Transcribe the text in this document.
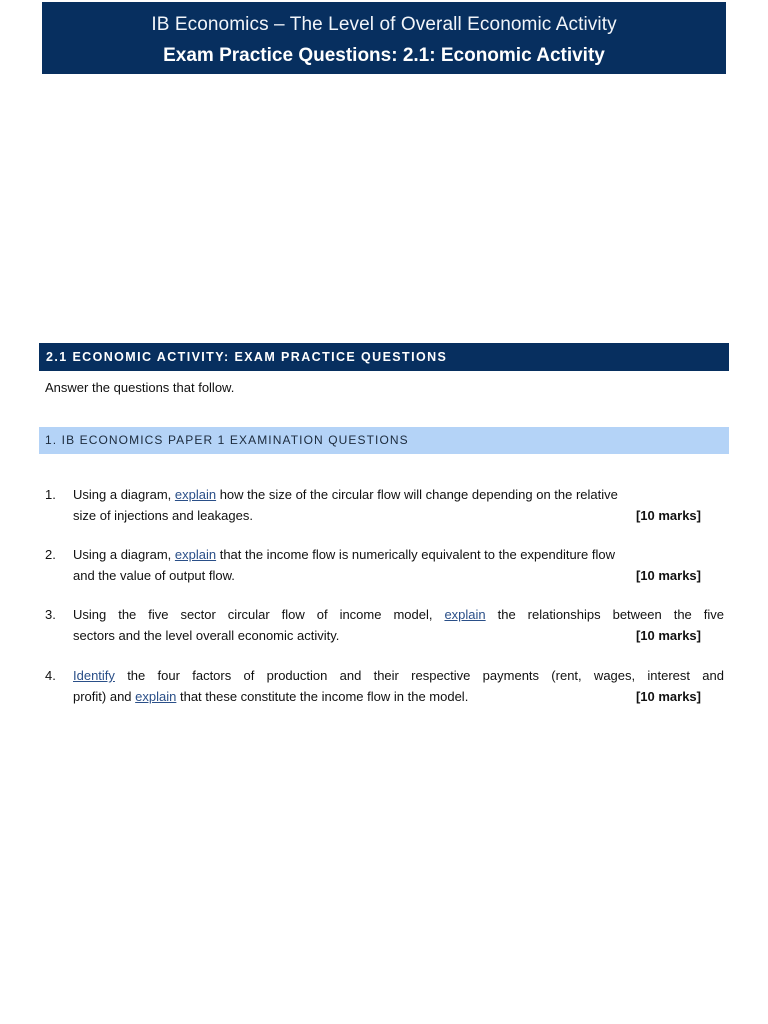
IB Economics – The Level of Overall Economic Activity
Exam Practice Questions: 2.1: Economic Activity
2.1 ECONOMIC ACTIVITY: EXAM PRACTICE QUESTIONS
Answer the questions that follow.
1. IB ECONOMICS PAPER 1 EXAMINATION QUESTIONS
1. Using a diagram, explain how the size of the circular flow will change depending on the relative
size of injections and leakages.	[10 marks]
2. Using a diagram, explain that the income flow is numerically equivalent to the expenditure flow
and the value of output flow.	[10 marks]
3. Using the five sector circular flow of income model, explain the relationships between the five
sectors and the level overall economic activity.	[10 marks]
4. Identify the four factors of production and their respective payments (rent, wages, interest and
profit) and explain that these constitute the income flow in the model.	[10 marks]
